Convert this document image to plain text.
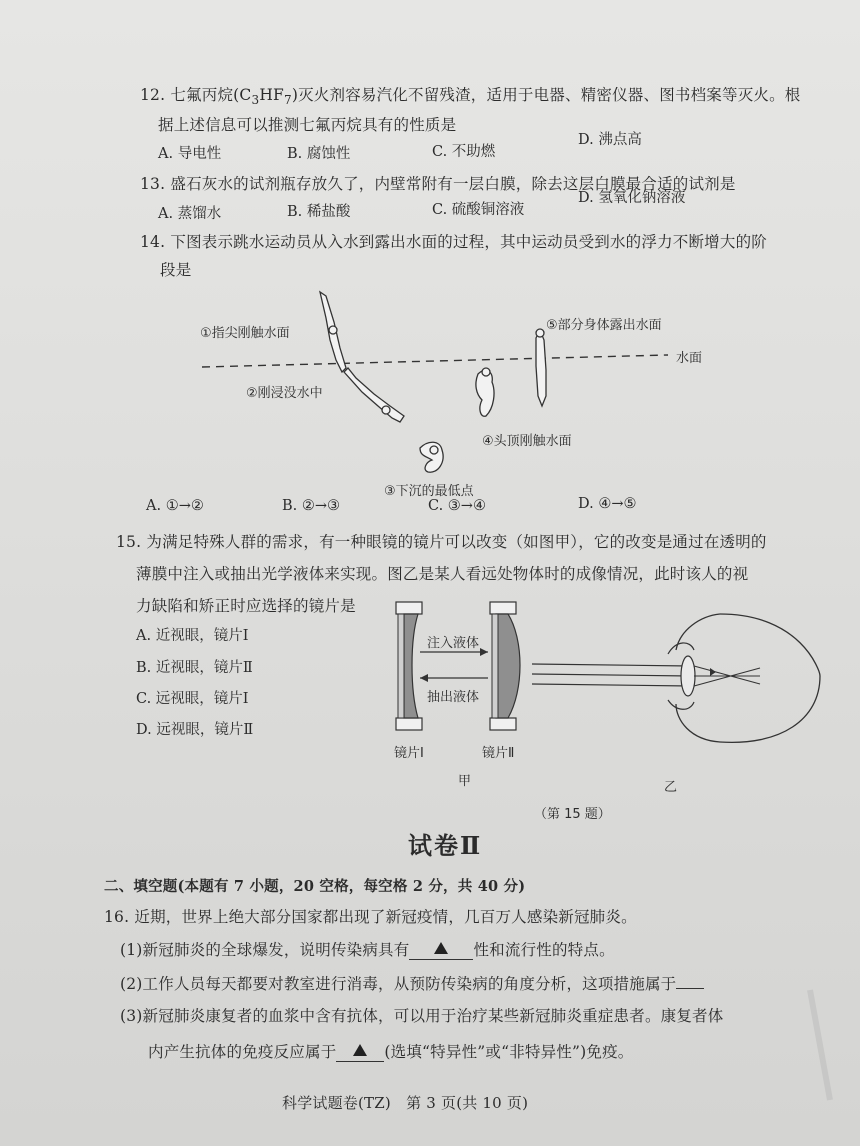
12. 七氟丙烷$(C_3HF_7)$灭火剂容易汽化不留残渣，适用于电器、精密仪器、图书档案等灭火。根
据上述信息可以推测七氟丙烷具有的性质是
A. 导电性	B. 腐蚀性	C. 不助燃
D. 沸点高
13. 盛石灰水的试剂瓶存放久了，内壁常附有一层白膜，除去这层白膜最合适的试剂是
A. 蒸馏水	B. 稀盐酸	C. 硫酸铜溶液
D. 氢氧化钠溶液
14. 下图表示跳水运动员从入水到露出水面的过程，其中运动员受到水的浮力不断增大的阶
段是
①指尖刚触水面
②刚浸没水中
③下沉的最低点
④头顶刚触水面
⑤部分身体露出水面
水面
A. ①→②	B. ②→③	C. ③→④	D. ④→⑤
15. 为满足特殊人群的需求，有一种眼镜的镜片可以改变（如图甲），它的改变是通过在透明的
薄膜中注入或抽出光学液体来实现。图乙是某人看远处物体时的成像情况，此时该人的视
力缺陷和矫正时应选择的镜片是
A. 近视眼，镜片Ⅰ
B. 近视眼，镜片Ⅱ
C. 远视眼，镜片Ⅰ
D. 远视眼，镜片Ⅱ
注入液体
抽出液体
镜片Ⅰ	镜片Ⅱ
甲	乙
（第 15 题）
试卷Ⅱ
二、填空题(本题有 7 小题，20 空格，每空格 2 分，共 40 分)
16. 近期，世界上绝大部分国家都出现了新冠疫情，几百万人感染新冠肺炎。
(1)新冠肺炎的全球爆发，说明传染病具有	性和流行性的特点。
(2)工作人员每天都要对教室进行消毒，从预防传染病的角度分析，这项措施属于
(3)新冠肺炎康复者的血浆中含有抗体，可以用于治疗某些新冠肺炎重症患者。康复者体
内产生抗体的免疫反应属于	(选填“特异性”或“非特异性”)免疫。
科学试题卷(TZ)　第 3 页(共 10 页)
